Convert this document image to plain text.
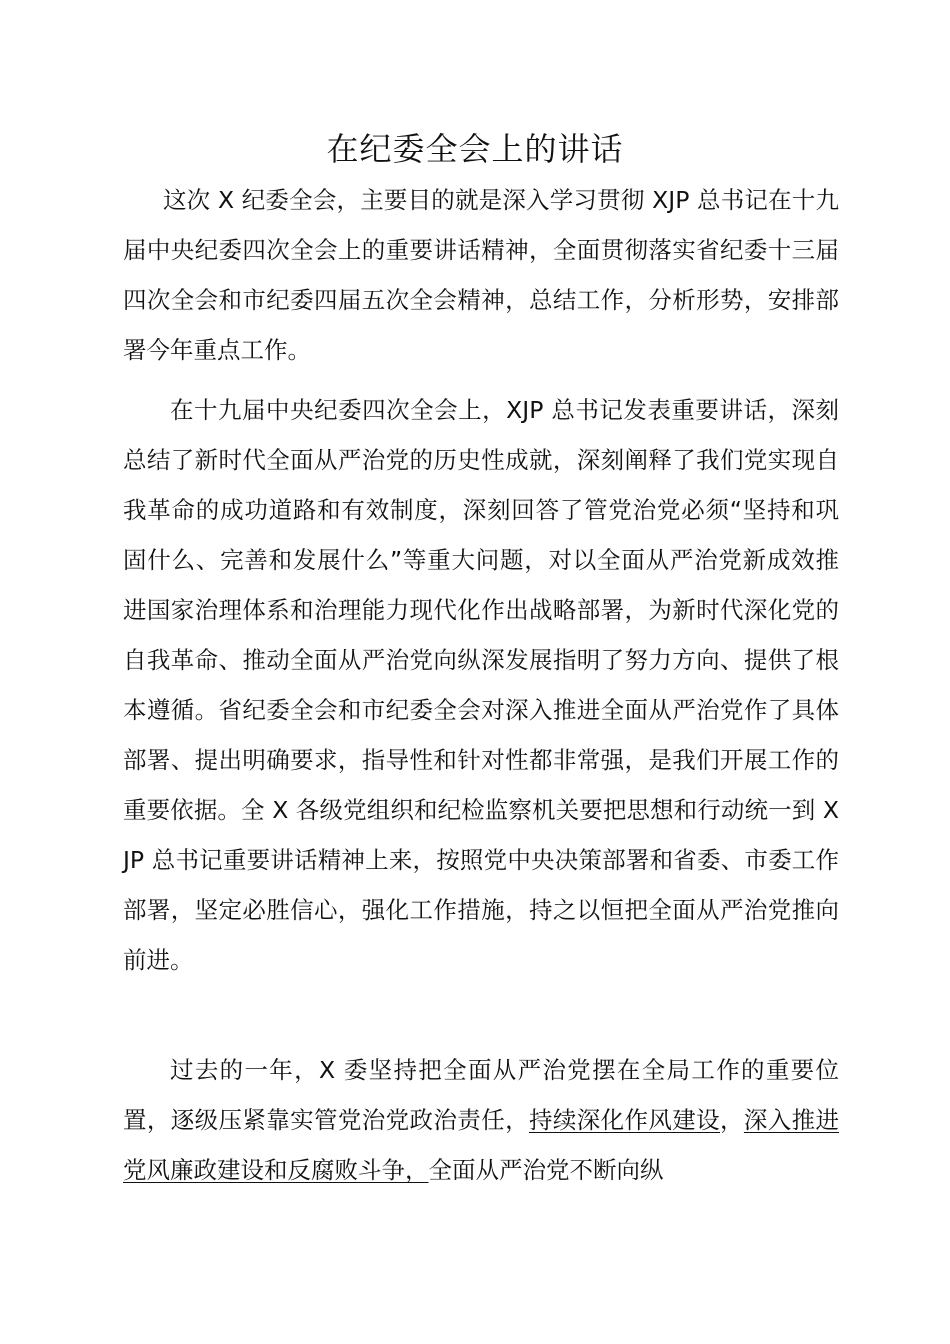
在纪委全会上的讲话

这次 X 纪委全会，主要目的就是深入学习贯彻 XJP 总书记在十九届中央纪委四次全会上的重要讲话精神，全面贯彻落实省纪委十三届四次全会和市纪委四届五次全会精神，总结工作，分析形势，安排部署今年重点工作。

在十九届中央纪委四次全会上，XJP 总书记发表重要讲话，深刻总结了新时代全面从严治党的历史性成就，深刻阐释了我们党实现自我革命的成功道路和有效制度，深刻回答了管党治党必须“坚持和巩固什么、完善和发展什么”等重大问题，对以全面从严治党新成效推进国家治理体系和治理能力现代化作出战略部署，为新时代深化党的自我革命、推动全面从严治党向纵深发展指明了努力方向、提供了根本遵循。省纪委全会和市纪委全会对深入推进全面从严治党作了具体部署、提出明确要求，指导性和针对性都非常强，是我们开展工作的重要依据。全 X 各级党组织和纪检监察机关要把思想和行动统一到 XJP 总书记重要讲话精神上来，按照党中央决策部署和省委、市委工作部署，坚定必胜信心，强化工作措施，持之以恒把全面从严治党推向前进。

过去的一年，X 委坚持把全面从严治党摆在全局工作的重要位置，逐级压紧靠实管党治党政治责任，持续深化作风建设，深入推进党风廉政建设和反腐败斗争，全面从严治党不断向纵
